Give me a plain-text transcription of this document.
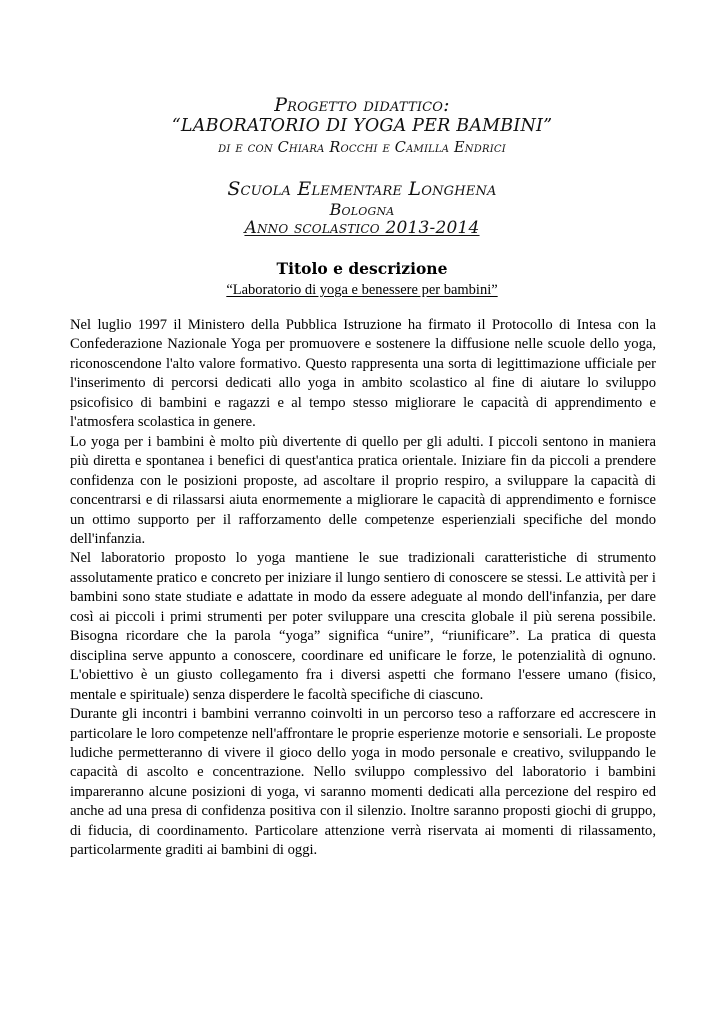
Progetto didattico:
“LABORATORIO DI YOGA PER BAMBINI”
di e con Chiara Rocchi e Camilla Endrici
Scuola Elementare Longhena
Bologna
Anno scolastico 2013-2014
Titolo e descrizione
“Laboratorio di yoga e benessere per bambini”

Nel luglio 1997 il Ministero della Pubblica Istruzione ha firmato il Protocollo di Intesa con la Confederazione Nazionale Yoga per promuovere e sostenere la diffusione nelle scuole dello yoga, riconoscendone l'alto valore formativo. Questo rappresenta una sorta di legittimazione ufficiale per l'inserimento di percorsi dedicati allo yoga in ambito scolastico al fine di aiutare lo sviluppo psicofisico di bambini e ragazzi e al tempo stesso migliorare le capacità di apprendimento e l'atmosfera scolastica in genere.

Lo yoga per i bambini è molto più divertente di quello per gli adulti. I piccoli sentono in maniera più diretta e spontanea i benefici di quest'antica pratica orientale. Iniziare fin da piccoli a prendere confidenza con le posizioni proposte, ad ascoltare il proprio respiro, a sviluppare la capacità di concentrarsi e di rilassarsi aiuta enormemente a migliorare le capacità di apprendimento e fornisce un ottimo supporto per il rafforzamento delle competenze esperienziali specifiche del mondo dell'infanzia.

Nel laboratorio proposto lo yoga mantiene le sue tradizionali caratteristiche di strumento assolutamente pratico e concreto per iniziare il lungo sentiero di conoscere se stessi. Le attività per i bambini sono state studiate e adattate in modo da essere adeguate al mondo dell'infanzia, per dare così ai piccoli i primi strumenti per poter sviluppare una crescita globale il più serena possibile. Bisogna ricordare che la parola “yoga” significa “unire”, “riunificare”. La pratica di questa disciplina serve appunto a conoscere, coordinare ed unificare le forze, le potenzialità di ognuno. L'obiettivo è un giusto collegamento fra i diversi aspetti che formano l'essere umano (fisico, mentale e spirituale) senza disperdere le facoltà specifiche di ciascuno.

Durante gli incontri i bambini verranno coinvolti in un percorso teso a rafforzare ed accrescere in particolare le loro competenze nell'affrontare le proprie esperienze motorie e sensoriali. Le proposte ludiche permetteranno di vivere il gioco dello yoga in modo personale e creativo, sviluppando le capacità di ascolto e concentrazione. Nello sviluppo complessivo del laboratorio i bambini impareranno alcune posizioni di yoga, vi saranno momenti dedicati alla percezione del respiro ed anche ad una presa di confidenza positiva con il silenzio. Inoltre saranno proposti giochi di gruppo, di fiducia, di coordinamento. Particolare attenzione verrà riservata ai momenti di rilassamento, particolarmente graditi ai bambini di oggi.
